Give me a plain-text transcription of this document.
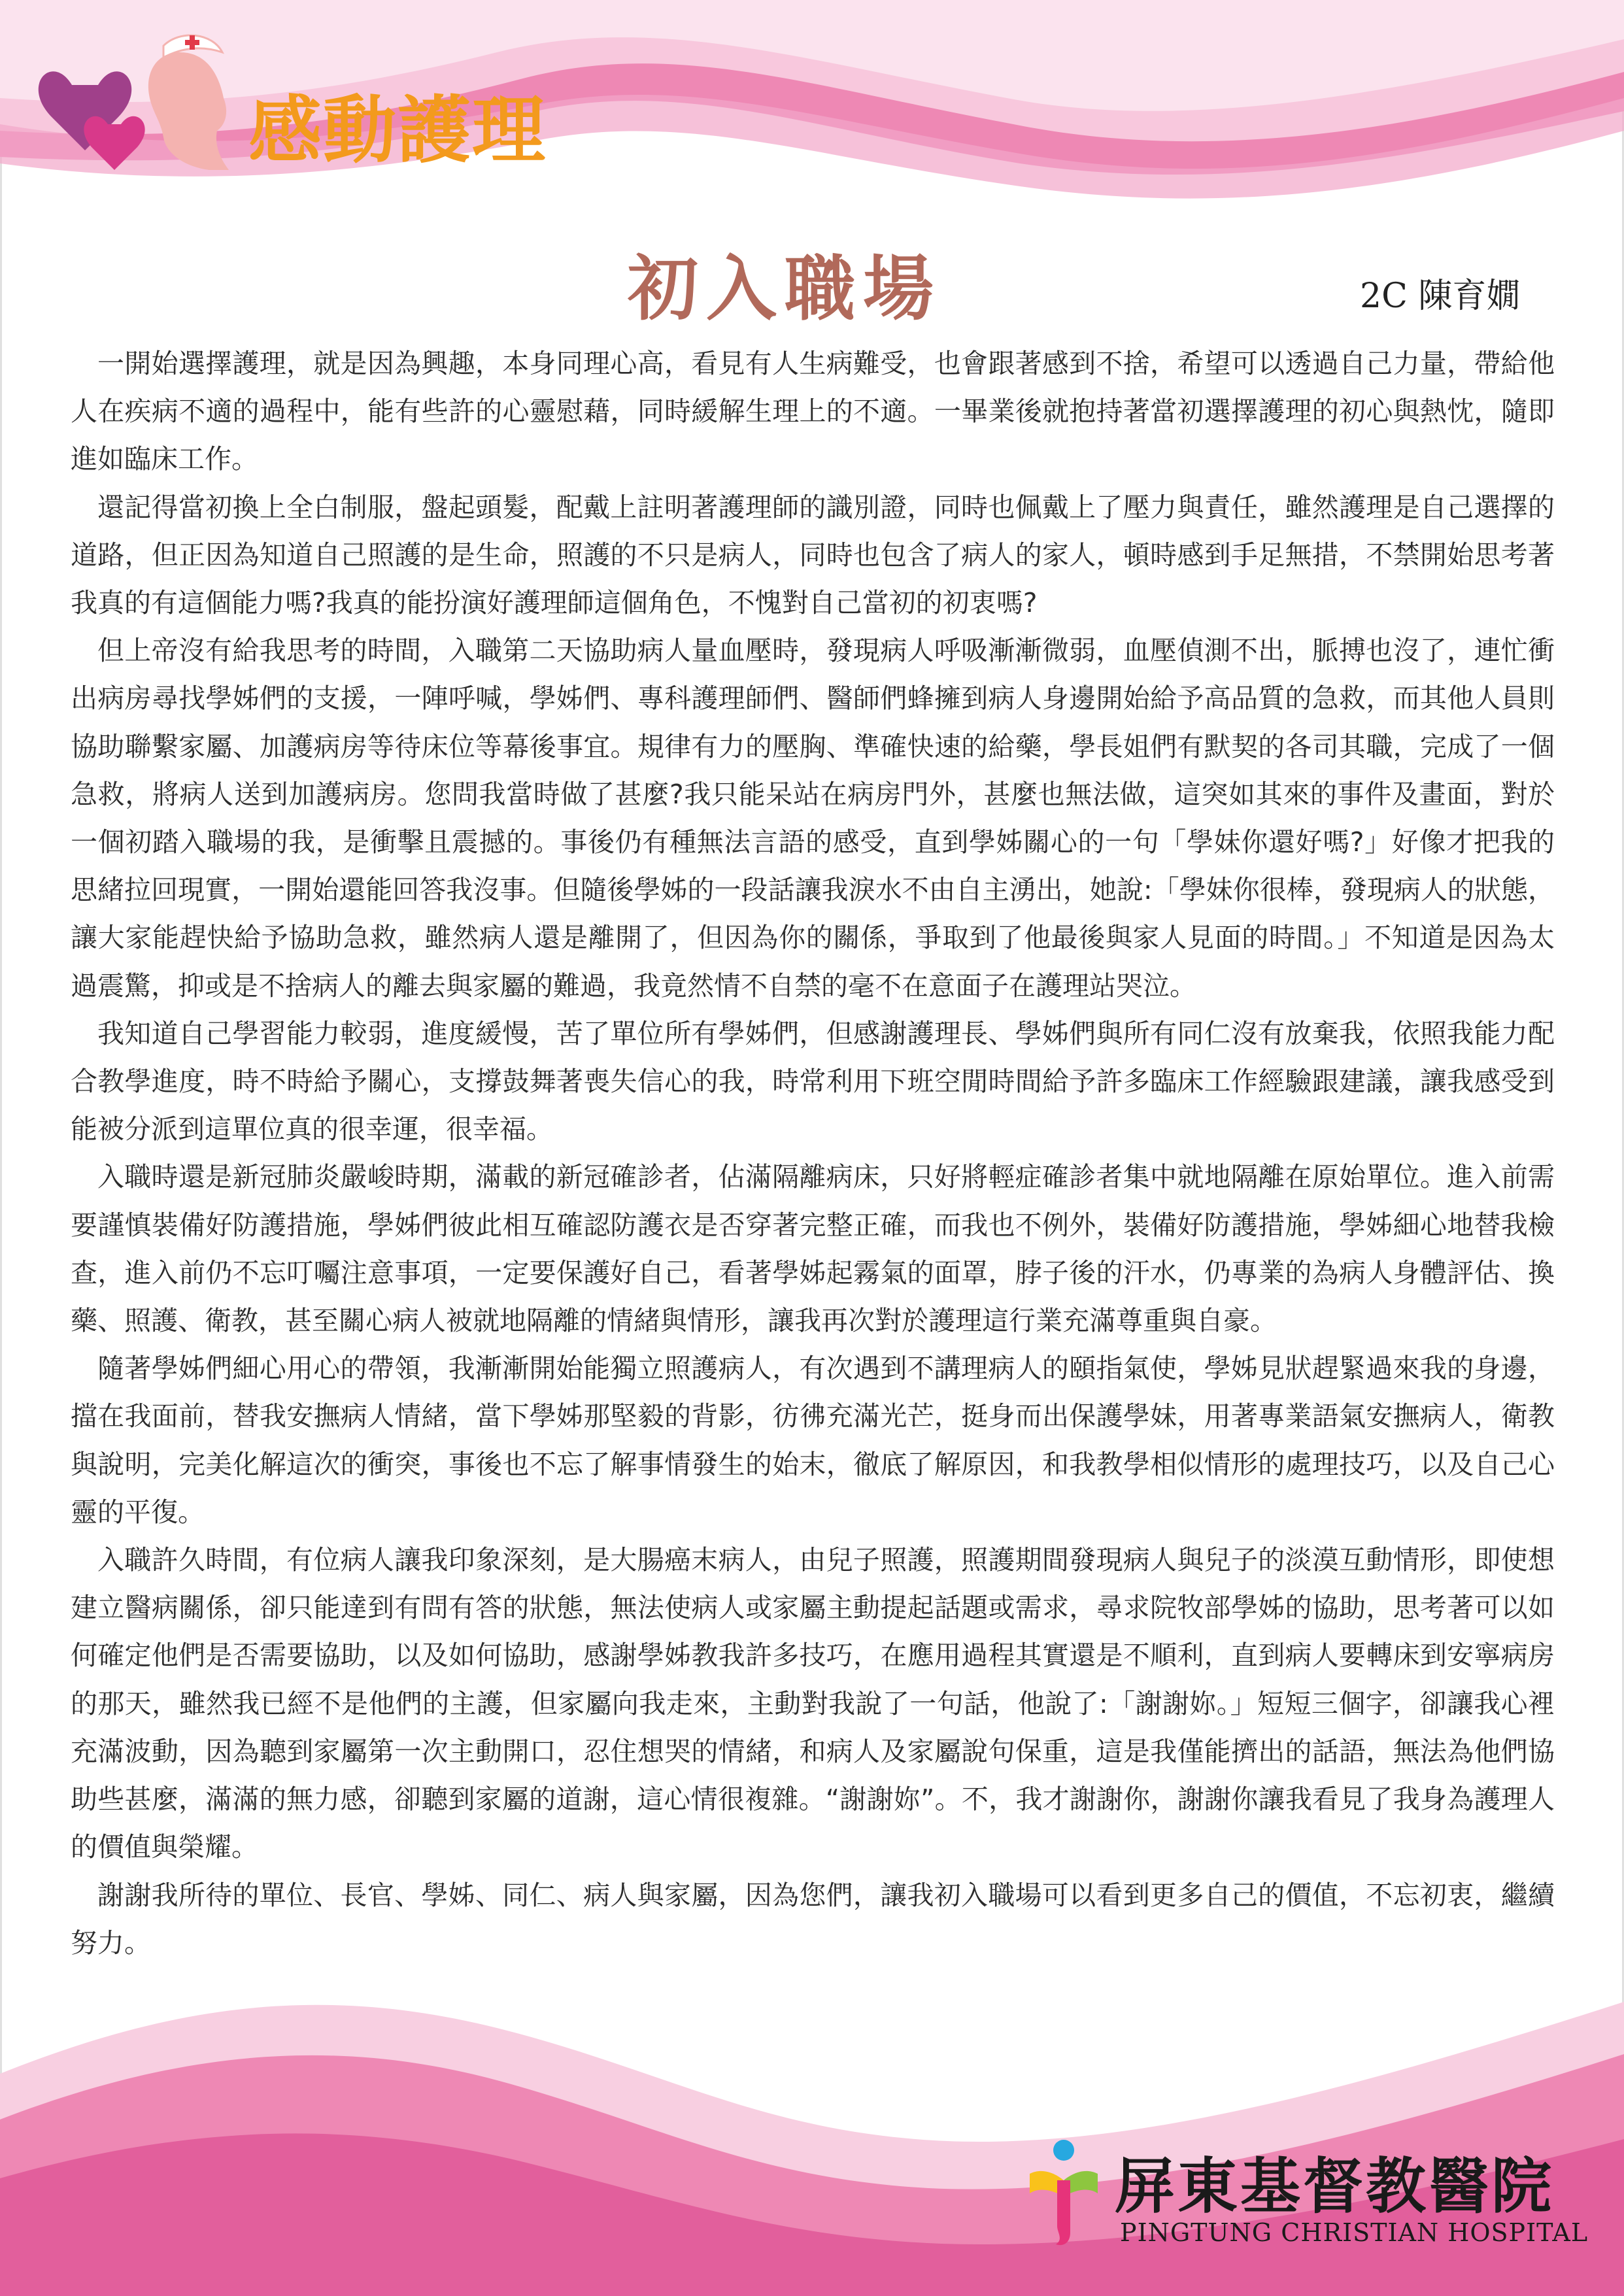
感動護理
初入職場	2C 陳育嫺

一開始選擇護理，就是因為興趣，本身同理心高，看見有人生病難受，也會跟著感到不捨，希望可以透過自己力量，帶給他人在疾病不適的過程中，能有些許的心靈慰藉，同時緩解生理上的不適。一畢業後就抱持著當初選擇護理的初心與熱忱，隨即進如臨床工作。

還記得當初換上全白制服，盤起頭髮，配戴上註明著護理師的識別證，同時也佩戴上了壓力與責任，雖然護理是自己選擇的道路，但正因為知道自己照護的是生命，照護的不只是病人，同時也包含了病人的家人，頓時感到手足無措，不禁開始思考著我真的有這個能力嗎?我真的能扮演好護理師這個角色，不愧對自己當初的初衷嗎?

但上帝沒有給我思考的時間，入職第二天協助病人量血壓時，發現病人呼吸漸漸微弱，血壓偵測不出，脈搏也沒了，連忙衝出病房尋找學姊們的支援，一陣呼喊，學姊們、專科護理師們、醫師們蜂擁到病人身邊開始給予高品質的急救，而其他人員則協助聯繫家屬、加護病房等待床位等幕後事宜。規律有力的壓胸、準確快速的給藥，學長姐們有默契的各司其職，完成了一個急救，將病人送到加護病房。您問我當時做了甚麼?我只能呆站在病房門外，甚麼也無法做，這突如其來的事件及畫面，對於一個初踏入職場的我，是衝擊且震撼的。事後仍有種無法言語的感受，直到學姊關心的一句「學妹你還好嗎?」好像才把我的思緒拉回現實，一開始還能回答我沒事。但隨後學姊的一段話讓我淚水不由自主湧出，她說:「學妹你很棒，發現病人的狀態，讓大家能趕快給予協助急救，雖然病人還是離開了，但因為你的關係，爭取到了他最後與家人見面的時間。」不知道是因為太過震驚，抑或是不捨病人的離去與家屬的難過，我竟然情不自禁的毫不在意面子在護理站哭泣。

我知道自己學習能力較弱，進度緩慢，苦了單位所有學姊們，但感謝護理長、學姊們與所有同仁沒有放棄我，依照我能力配合教學進度，時不時給予關心，支撐鼓舞著喪失信心的我，時常利用下班空閒時間給予許多臨床工作經驗跟建議，讓我感受到能被分派到這單位真的很幸運，很幸福。

入職時還是新冠肺炎嚴峻時期，滿載的新冠確診者，佔滿隔離病床，只好將輕症確診者集中就地隔離在原始單位。進入前需要謹慎裝備好防護措施，學姊們彼此相互確認防護衣是否穿著完整正確，而我也不例外，裝備好防護措施，學姊細心地替我檢查，進入前仍不忘叮囑注意事項，一定要保護好自己，看著學姊起霧氣的面罩，脖子後的汗水，仍專業的為病人身體評估、換藥、照護、衛教，甚至關心病人被就地隔離的情緒與情形，讓我再次對於護理這行業充滿尊重與自豪。

隨著學姊們細心用心的帶領，我漸漸開始能獨立照護病人，有次遇到不講理病人的頤指氣使，學姊見狀趕緊過來我的身邊，擋在我面前，替我安撫病人情緒，當下學姊那堅毅的背影，彷彿充滿光芒，挺身而出保護學妹，用著專業語氣安撫病人，衛教與說明，完美化解這次的衝突，事後也不忘了解事情發生的始末，徹底了解原因，和我教學相似情形的處理技巧，以及自己心靈的平復。

入職許久時間，有位病人讓我印象深刻，是大腸癌末病人，由兒子照護，照護期間發現病人與兒子的淡漠互動情形，即使想建立醫病關係，卻只能達到有問有答的狀態，無法使病人或家屬主動提起話題或需求，尋求院牧部學姊的協助，思考著可以如何確定他們是否需要協助，以及如何協助，感謝學姊教我許多技巧，在應用過程其實還是不順利，直到病人要轉床到安寧病房的那天，雖然我已經不是他們的主護，但家屬向我走來，主動對我說了一句話，他說了:「謝謝妳。」短短三個字，卻讓我心裡充滿波動，因為聽到家屬第一次主動開口，忍住想哭的情緒，和病人及家屬說句保重，這是我僅能擠出的話語，無法為他們協助些甚麼，滿滿的無力感，卻聽到家屬的道謝，這心情很複雜。“謝謝妳”。不，我才謝謝你，謝謝你讓我看見了我身為護理人的價值與榮耀。

謝謝我所待的單位、長官、學姊、同仁、病人與家屬，因為您們，讓我初入職場可以看到更多自己的價值，不忘初衷，繼續努力。

屏東基督教醫院
PINGTUNG CHRISTIAN HOSPITAL
